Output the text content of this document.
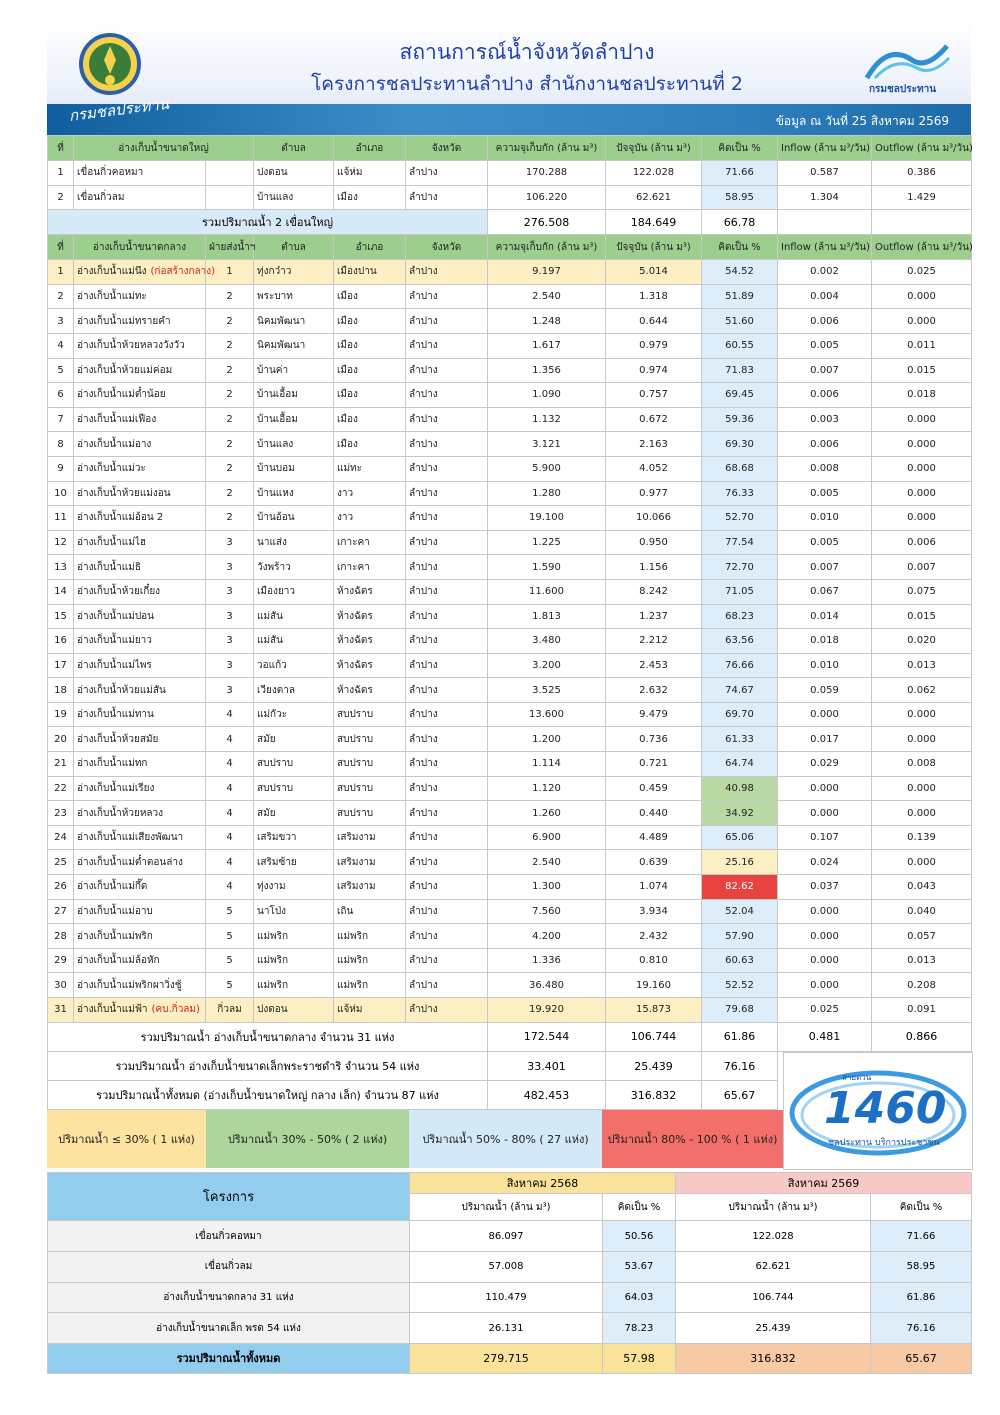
สถานการณ์น้ำจังหวัดลำปาง
โครงการชลประทานลำปาง สำนักงานชลประทานที่ 2	กรมชลประทาน
กรมชลประทาน	ข้อมูล ณ วันที่ 25 สิงหาคม 2569
ที่	อ่างเก็บน้ำขนาดใหญ่		ตำบล	อำเภอ	จังหวัด	ความจุเก็บกัก (ล้าน ม³)	ปัจจุบัน (ล้าน ม³)	คิดเป็น %	Inflow (ล้าน ม³/วัน)	Outflow (ล้าน ม³/วัน)
1	เขื่อนกิ่วคอหมา		ปงดอน	แจ้ห่ม	ลำปาง	170.288	122.028	71.66	0.587	0.386
2	เขื่อนกิ่วลม		บ้านแลง	เมือง	ลำปาง	106.220	62.621	58.95	1.304	1.429
รวมปริมาณน้ำ 2 เขื่อนใหญ่						276.508	184.649	66.78		
ที่	อ่างเก็บน้ำขนาดกลาง	ฝ่ายส่งน้ำฯ	ตำบล	อำเภอ	จังหวัด	ความจุเก็บกัก (ล้าน ม³)	ปัจจุบัน (ล้าน ม³)	คิดเป็น %	Inflow (ล้าน ม³/วัน)	Outflow (ล้าน ม³/วัน)
1	อ่างเก็บน้ำแม่นึง (ก่อสร้างกลาง)	1	ทุ่งกว๋าว	เมืองปาน	ลำปาง	9.197	5.014	54.52	0.002	0.025
2	อ่างเก็บน้ำแม่ทะ	2	พระบาท	เมือง	ลำปาง	2.540	1.318	51.89	0.004	0.000
3	อ่างเก็บน้ำแม่ทรายคำ	2	นิคมพัฒนา	เมือง	ลำปาง	1.248	0.644	51.60	0.006	0.000
4	อ่างเก็บน้ำห้วยหลวงวังวัว	2	นิคมพัฒนา	เมือง	ลำปาง	1.617	0.979	60.55	0.005	0.011
5	อ่างเก็บน้ำห้วยแม่ค่อม	2	บ้านค่า	เมือง	ลำปาง	1.356	0.974	71.83	0.007	0.015
6	อ่างเก็บน้ำแม่ต๋ำน้อย	2	บ้านเอื้อม	เมือง	ลำปาง	1.090	0.757	69.45	0.006	0.018
7	อ่างเก็บน้ำแม่เฟือง	2	บ้านเอื้อม	เมือง	ลำปาง	1.132	0.672	59.36	0.003	0.000
8	อ่างเก็บน้ำแม่อาง	2	บ้านแลง	เมือง	ลำปาง	3.121	2.163	69.30	0.006	0.000
9	อ่างเก็บน้ำแม่วะ	2	บ้านบอม	แม่ทะ	ลำปาง	5.900	4.052	68.68	0.008	0.000
10	อ่างเก็บน้ำห้วยแม่งอน	2	บ้านแหง	งาว	ลำปาง	1.280	0.977	76.33	0.005	0.000
11	อ่างเก็บน้ำแม่อ้อน 2	2	บ้านอ้อน	งาว	ลำปาง	19.100	10.066	52.70	0.010	0.000
12	อ่างเก็บน้ำแม่ไฮ	3	นาแส่ง	เกาะคา	ลำปาง	1.225	0.950	77.54	0.005	0.006
13	อ่างเก็บน้ำแม่ธิ	3	วังพร้าว	เกาะคา	ลำปาง	1.590	1.156	72.70	0.007	0.007
14	อ่างเก็บน้ำห้วยเกี๋ยง	3	เมืองยาว	ห้างฉัตร	ลำปาง	11.600	8.242	71.05	0.067	0.075
15	อ่างเก็บน้ำแม่ปอน	3	แม่สัน	ห้างฉัตร	ลำปาง	1.813	1.237	68.23	0.014	0.015
16	อ่างเก็บน้ำแม่ยาว	3	แม่สัน	ห้างฉัตร	ลำปาง	3.480	2.212	63.56	0.018	0.020
17	อ่างเก็บน้ำแม่ไพร	3	วอแก้ว	ห้างฉัตร	ลำปาง	3.200	2.453	76.66	0.010	0.013
18	อ่างเก็บน้ำห้วยแม่สัน	3	เวียงตาล	ห้างฉัตร	ลำปาง	3.525	2.632	74.67	0.059	0.062
19	อ่างเก็บน้ำแม่ทาน	4	แม่กัวะ	สบปราบ	ลำปาง	13.600	9.479	69.70	0.000	0.000
20	อ่างเก็บน้ำห้วยสมัย	4	สมัย	สบปราบ	ลำปาง	1.200	0.736	61.33	0.017	0.000
21	อ่างเก็บน้ำแม่ทก	4	สบปราบ	สบปราบ	ลำปาง	1.114	0.721	64.74	0.029	0.008
22	อ่างเก็บน้ำแม่เรียง	4	สบปราบ	สบปราบ	ลำปาง	1.120	0.459	40.98	0.000	0.000
23	อ่างเก็บน้ำห้วยหลวง	4	สมัย	สบปราบ	ลำปาง	1.260	0.440	34.92	0.000	0.000
24	อ่างเก็บน้ำแม่เสียงพัฒนา	4	เสริมขวา	เสริมงาม	ลำปาง	6.900	4.489	65.06	0.107	0.139
25	อ่างเก็บน้ำแม่ต๋ำตอนล่าง	4	เสริมซ้าย	เสริมงาม	ลำปาง	2.540	0.639	25.16	0.024	0.000
26	อ่างเก็บน้ำแม่กึ๊ด	4	ทุ่งงาม	เสริมงาม	ลำปาง	1.300	1.074	82.62	0.037	0.043
27	อ่างเก็บน้ำแม่อาบ	5	นาโป่ง	เถิน	ลำปาง	7.560	3.934	52.04	0.000	0.040
28	อ่างเก็บน้ำแม่พริก	5	แม่พริก	แม่พริก	ลำปาง	4.200	2.432	57.90	0.000	0.057
29	อ่างเก็บน้ำแม่ล้อหัก	5	แม่พริก	แม่พริก	ลำปาง	1.336	0.810	60.63	0.000	0.013
30	อ่างเก็บน้ำแม่พริกผาวิ่งชู้	5	แม่พริก	แม่พริก	ลำปาง	36.480	19.160	52.52	0.000	0.208
31	อ่างเก็บน้ำแม่ฟ้า (คบ.กิ่วลม)	กิ่วลม	ปงดอน	แจ้ห่ม	ลำปาง	19.920	15.873	79.68	0.025	0.091
รวมปริมาณน้ำ อ่างเก็บน้ำขนาดกลาง จำนวน 31 แห่ง						172.544	106.744	61.86	0.481	0.866
รวมปริมาณน้ำ อ่างเก็บน้ำขนาดเล็กพระราชดำริ จำนวน 54 แห่ง						33.401	25.439	76.16		
รวมปริมาณน้ำทั้งหมด (อ่างเก็บน้ำขนาดใหญ่ กลาง เล็ก) จำนวน 87 แห่ง						482.453	316.832	65.67		
ปริมาณน้ำ ≤ 30% ( 1 แห่ง)	ปริมาณน้ำ 30% - 50% ( 2 แห่ง)	ปริมาณน้ำ 50% - 80% ( 27 แห่ง)	ปริมาณน้ำ 80% - 100 % ( 1 แห่ง)
สายด่วน
1460
ชลประทาน บริการประชาชน
โครงการ	สิงหาคม 2568		สิงหาคม 2569	
	ปริมาณน้ำ (ล้าน ม³)	คิดเป็น %	ปริมาณน้ำ (ล้าน ม³)	คิดเป็น %
เขื่อนกิ่วคอหมา	86.097	50.56	122.028	71.66
เขื่อนกิ่วลม	57.008	53.67	62.621	58.95
อ่างเก็บน้ำขนาดกลาง 31 แห่ง	110.479	64.03	106.744	61.86
อ่างเก็บน้ำขนาดเล็ก พรด 54 แห่ง	26.131	78.23	25.439	76.16
รวมปริมาณน้ำทั้งหมด	279.715	57.98	316.832	65.67
